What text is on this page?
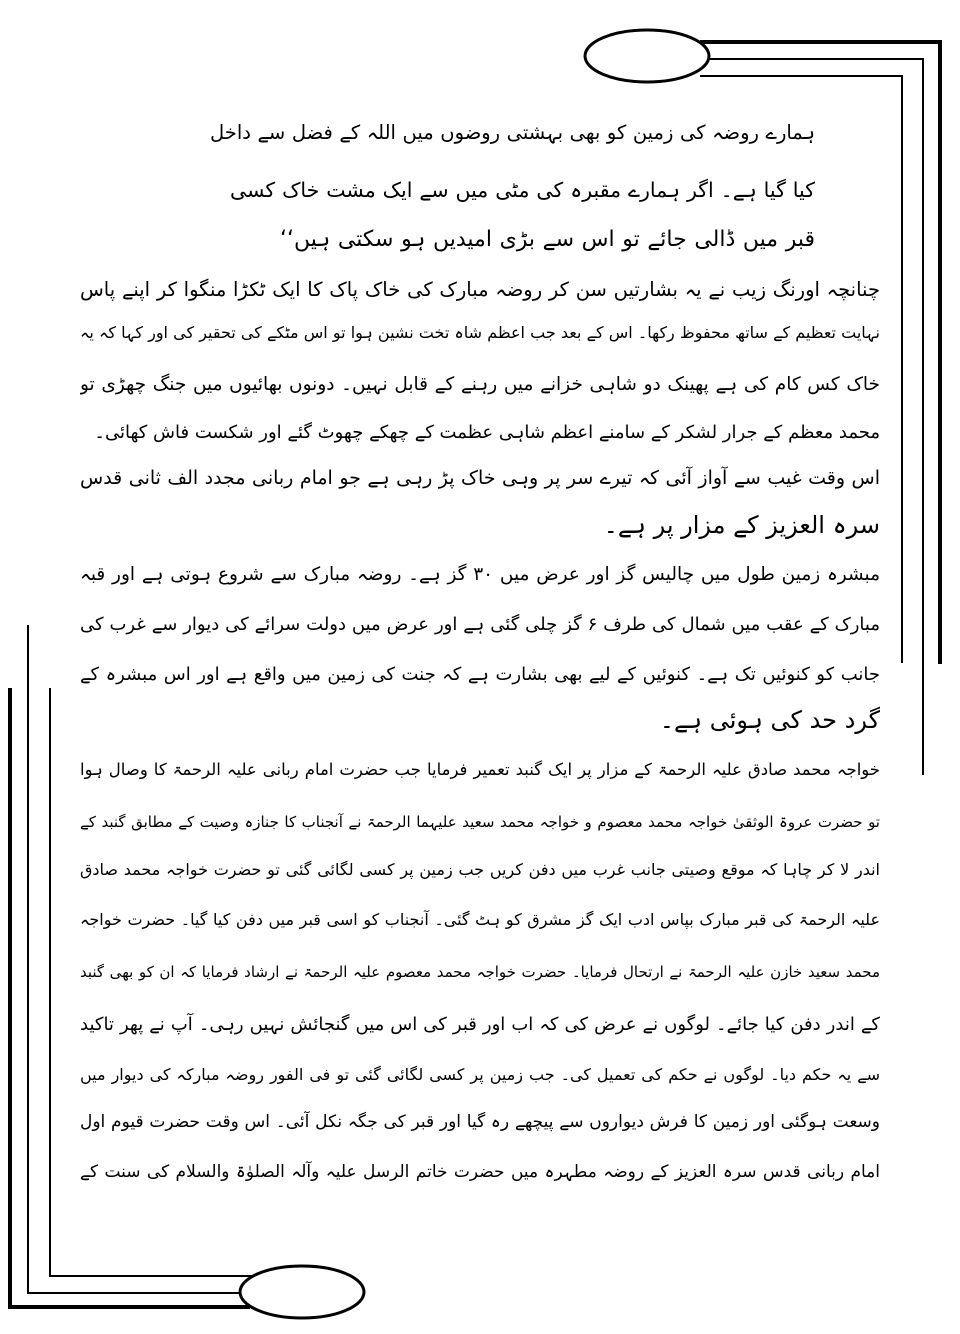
ہمارے روضہ کی زمین کو بھی بہشتی روضوں میں اللہ کے فضل سے داخل
کیا گیا ہے۔ اگر ہمارے مقبرہ کی مٹی میں سے ایک مشت خاک کسی
قبر میں ڈالی جائے تو اس سے بڑی امیدیں ہو سکتی ہیں‘‘
چنانچہ اورنگ زیب نے یہ بشارتیں سن کر روضہ مبارک کی خاک پاک کا ایک ٹکڑا منگوا کر اپنے پاس
نہایت تعظیم کے ساتھ محفوظ رکھا۔ اس کے بعد جب اعظم شاہ تخت نشین ہوا تو اس مٹکے کی تحقیر کی اور کہا کہ یہ
خاک کس کام کی ہے پھینک دو شاہی خزانے میں رہنے کے قابل نہیں۔ دونوں بھائیوں میں جنگ چھڑی تو
محمد معظم کے جرار لشکر کے سامنے اعظم شاہی عظمت کے چھکے چھوٹ گئے اور شکست فاش کھائی۔
اس وقت غیب سے آواز آئی کہ تیرے سر پر وہی خاک پڑ رہی ہے جو امام ربانی مجدد الف ثانی قدس
سرہ العزیز کے مزار پر ہے۔
مبشرہ زمین طول میں چالیس گز اور عرض میں ۳۰ گز ہے۔ روضہ مبارک سے شروع ہوتی ہے اور قبہ
مبارک کے عقب میں شمال کی طرف ۶ گز چلی گئی ہے اور عرض میں دولت سرائے کی دیوار سے غرب کی
جانب کو کنوئیں تک ہے۔ کنوئیں کے لیے بھی بشارت ہے کہ جنت کی زمین میں واقع ہے اور اس مبشرہ کے
گرد حد کی ہوئی ہے۔
خواجہ محمد صادق علیہ الرحمۃ کے مزار پر ایک گنبد تعمیر فرمایا جب حضرت امام ربانی علیہ الرحمۃ کا وصال ہوا
تو حضرت عروۃ الوثقیٰ خواجہ محمد معصوم و خواجہ محمد سعید علیہما الرحمۃ نے آنجناب کا جنازہ وصیت کے مطابق گنبد کے
اندر لا کر چاہا کہ موقع وصیتی جانب غرب میں دفن کریں جب زمین پر کسی لگائی گئی تو حضرت خواجہ محمد صادق
علیہ الرحمۃ کی قبر مبارک بپاس ادب ایک گز مشرق کو ہٹ گئی۔ آنجناب کو اسی قبر میں دفن کیا گیا۔ حضرت خواجہ
محمد سعید خازن علیہ الرحمۃ نے ارتحال فرمایا۔ حضرت خواجہ محمد معصوم علیہ الرحمۃ نے ارشاد فرمایا کہ ان کو بھی گنبد
کے اندر دفن کیا جائے۔ لوگوں نے عرض کی کہ اب اور قبر کی اس میں گنجائش نہیں رہی۔ آپ نے پھر تاکید
سے یہ حکم دیا۔ لوگوں نے حکم کی تعمیل کی۔ جب زمین پر کسی لگائی گئی تو فی الفور روضہ مبارکہ کی دیوار میں
وسعت ہوگئی اور زمین کا فرش دیواروں سے پیچھے رہ گیا اور قبر کی جگہ نکل آئی۔ اس وقت حضرت قیوم اول
امام ربانی قدس سرہ العزیز کے روضہ مطہرہ میں حضرت خاتم الرسل علیہ وآلہ الصلوٰۃ والسلام کی سنت کے
